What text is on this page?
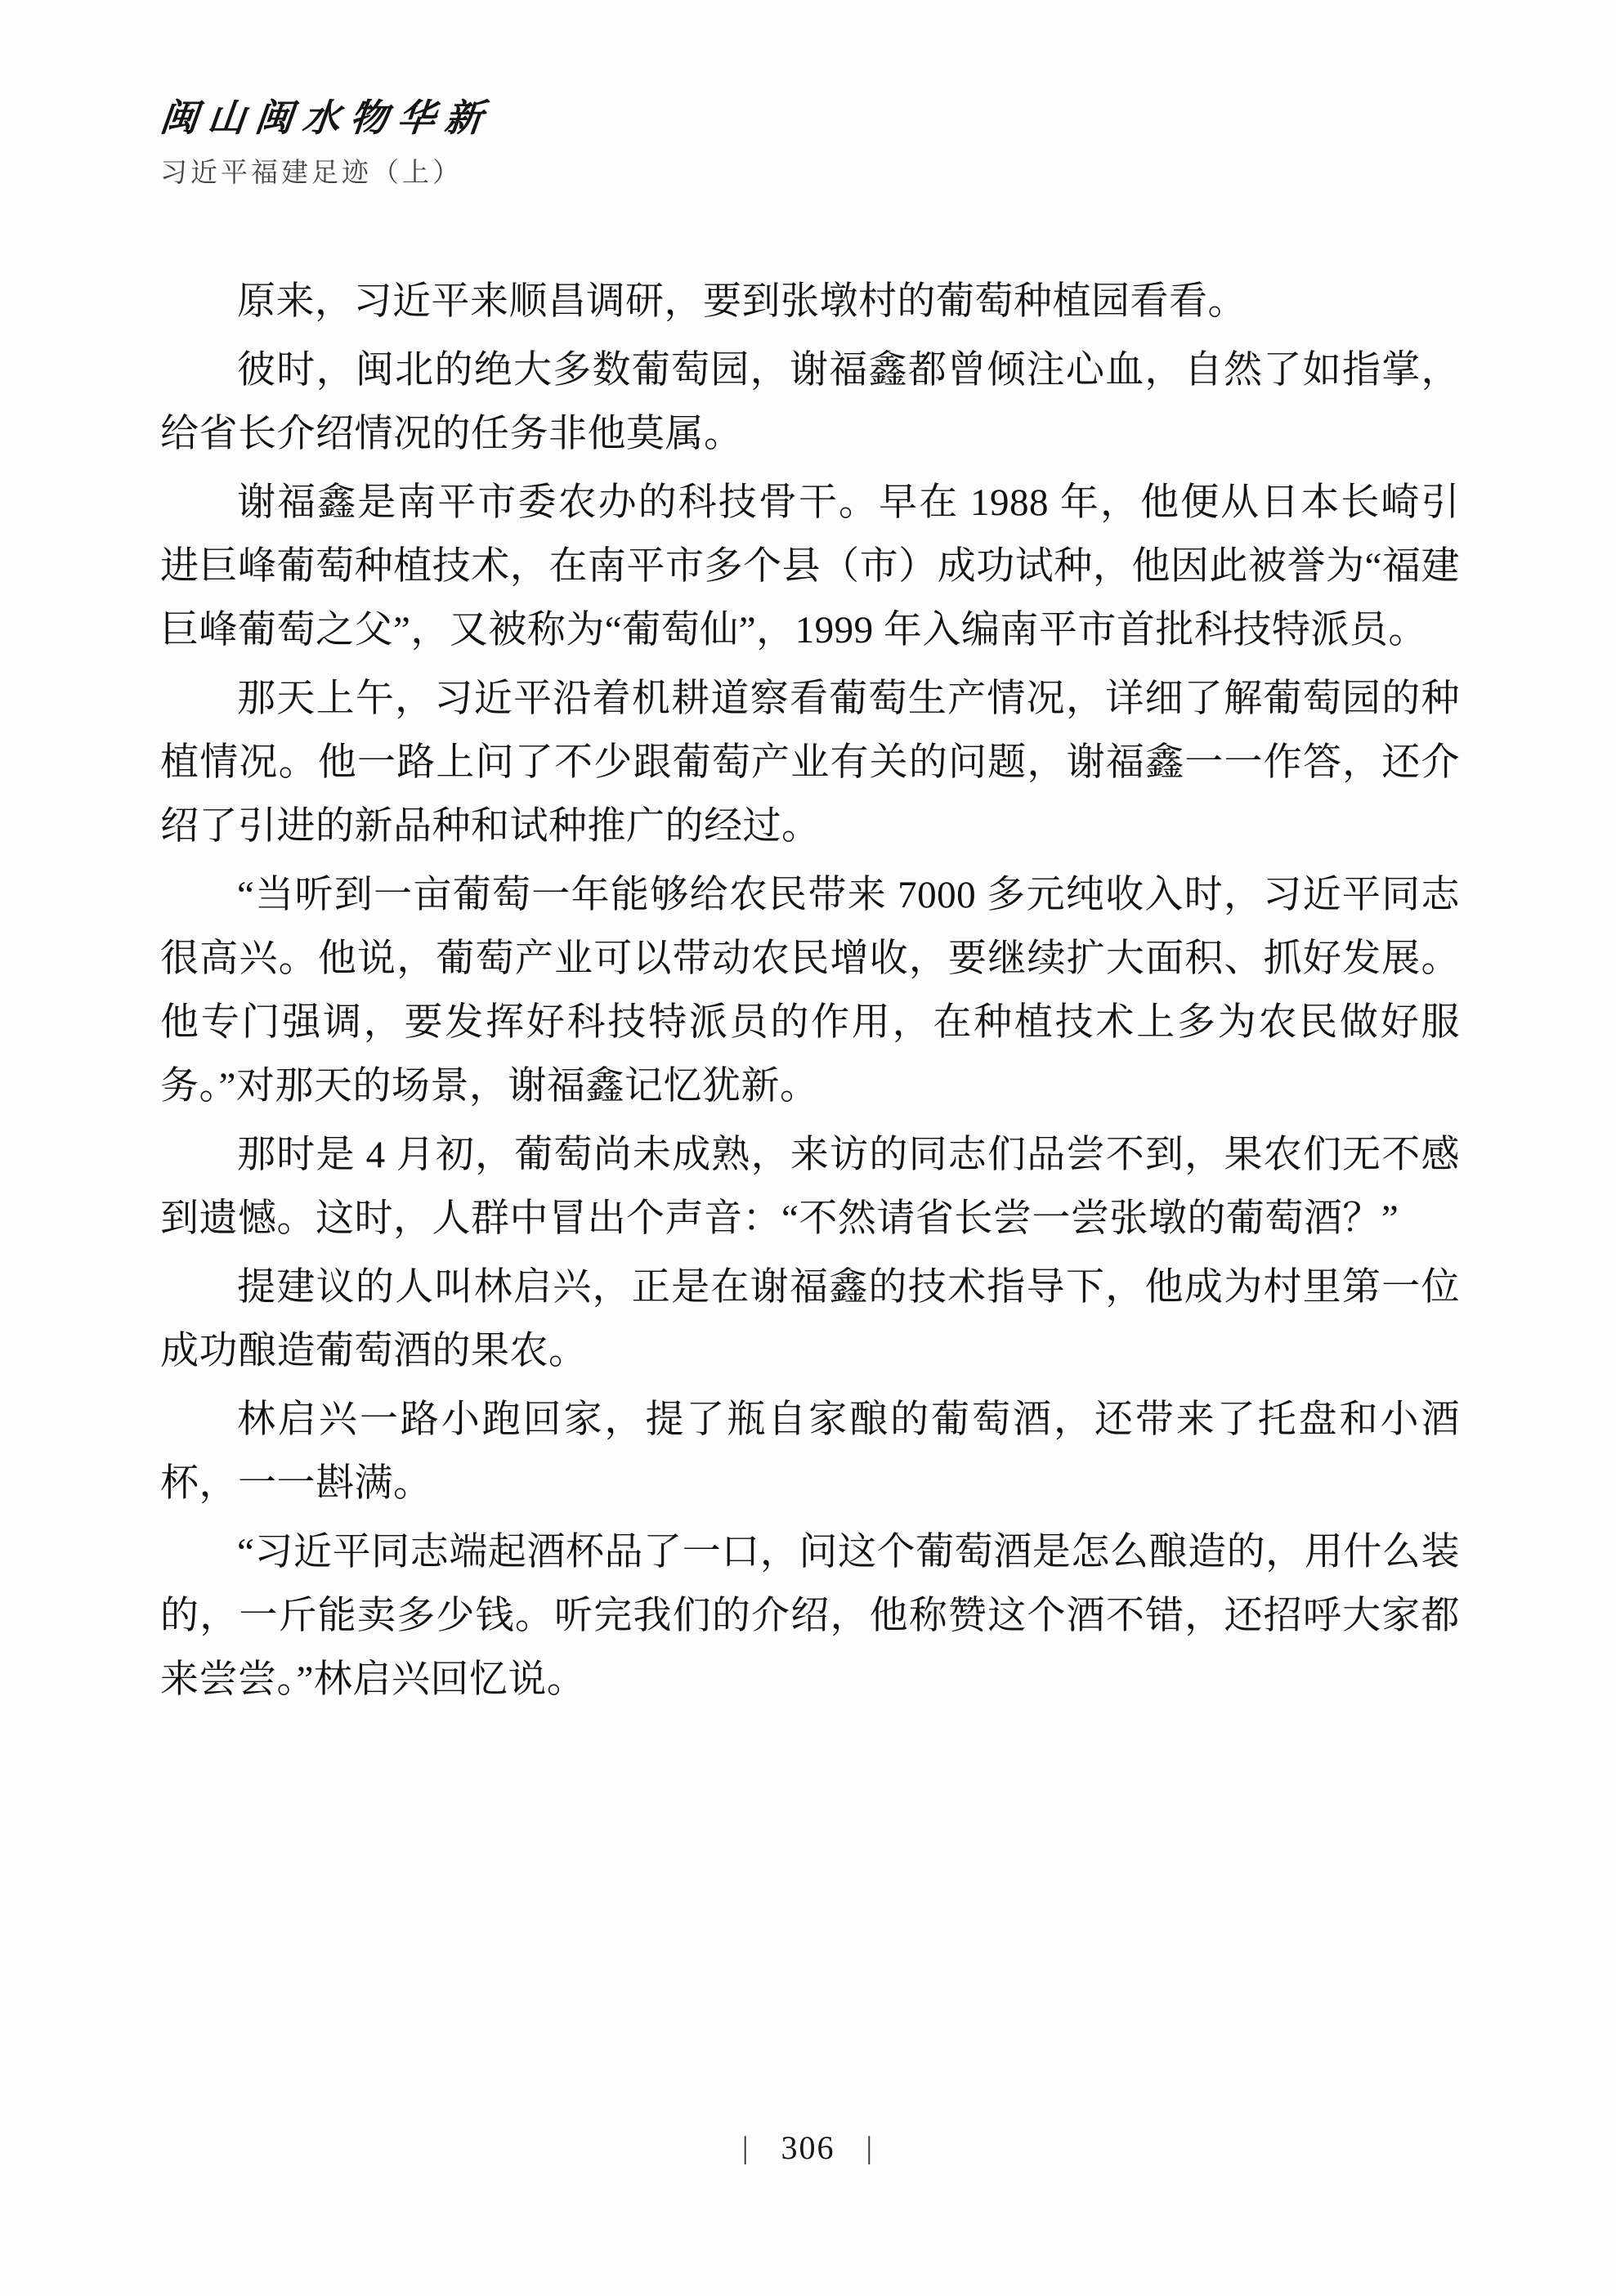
闽山闽水物华新
习近平福建足迹（上）

原来，习近平来顺昌调研，要到张墩村的葡萄种植园看看。

彼时，闽北的绝大多数葡萄园，谢福鑫都曾倾注心血，自然了如指掌，给省长介绍情况的任务非他莫属。

谢福鑫是南平市委农办的科技骨干。早在 1988 年，他便从日本长崎引进巨峰葡萄种植技术，在南平市多个县（市）成功试种，他因此被誉为“福建巨峰葡萄之父”，又被称为“葡萄仙”，1999 年入编南平市首批科技特派员。

那天上午，习近平沿着机耕道察看葡萄生产情况，详细了解葡萄园的种植情况。他一路上问了不少跟葡萄产业有关的问题，谢福鑫一一作答，还介绍了引进的新品种和试种推广的经过。

“当听到一亩葡萄一年能够给农民带来 7000 多元纯收入时，习近平同志很高兴。他说，葡萄产业可以带动农民增收，要继续扩大面积、抓好发展。他专门强调，要发挥好科技特派员的作用，在种植技术上多为农民做好服务。”对那天的场景，谢福鑫记忆犹新。

那时是 4 月初，葡萄尚未成熟，来访的同志们品尝不到，果农们无不感到遗憾。这时，人群中冒出个声音：“不然请省长尝一尝张墩的葡萄酒？”

提建议的人叫林启兴，正是在谢福鑫的技术指导下，他成为村里第一位成功酿造葡萄酒的果农。

林启兴一路小跑回家，提了瓶自家酿的葡萄酒，还带来了托盘和小酒杯，一一斟满。

“习近平同志端起酒杯品了一口，问这个葡萄酒是怎么酿造的，用什么装的，一斤能卖多少钱。听完我们的介绍，他称赞这个酒不错，还招呼大家都来尝尝。”林启兴回忆说。

| 306 |
